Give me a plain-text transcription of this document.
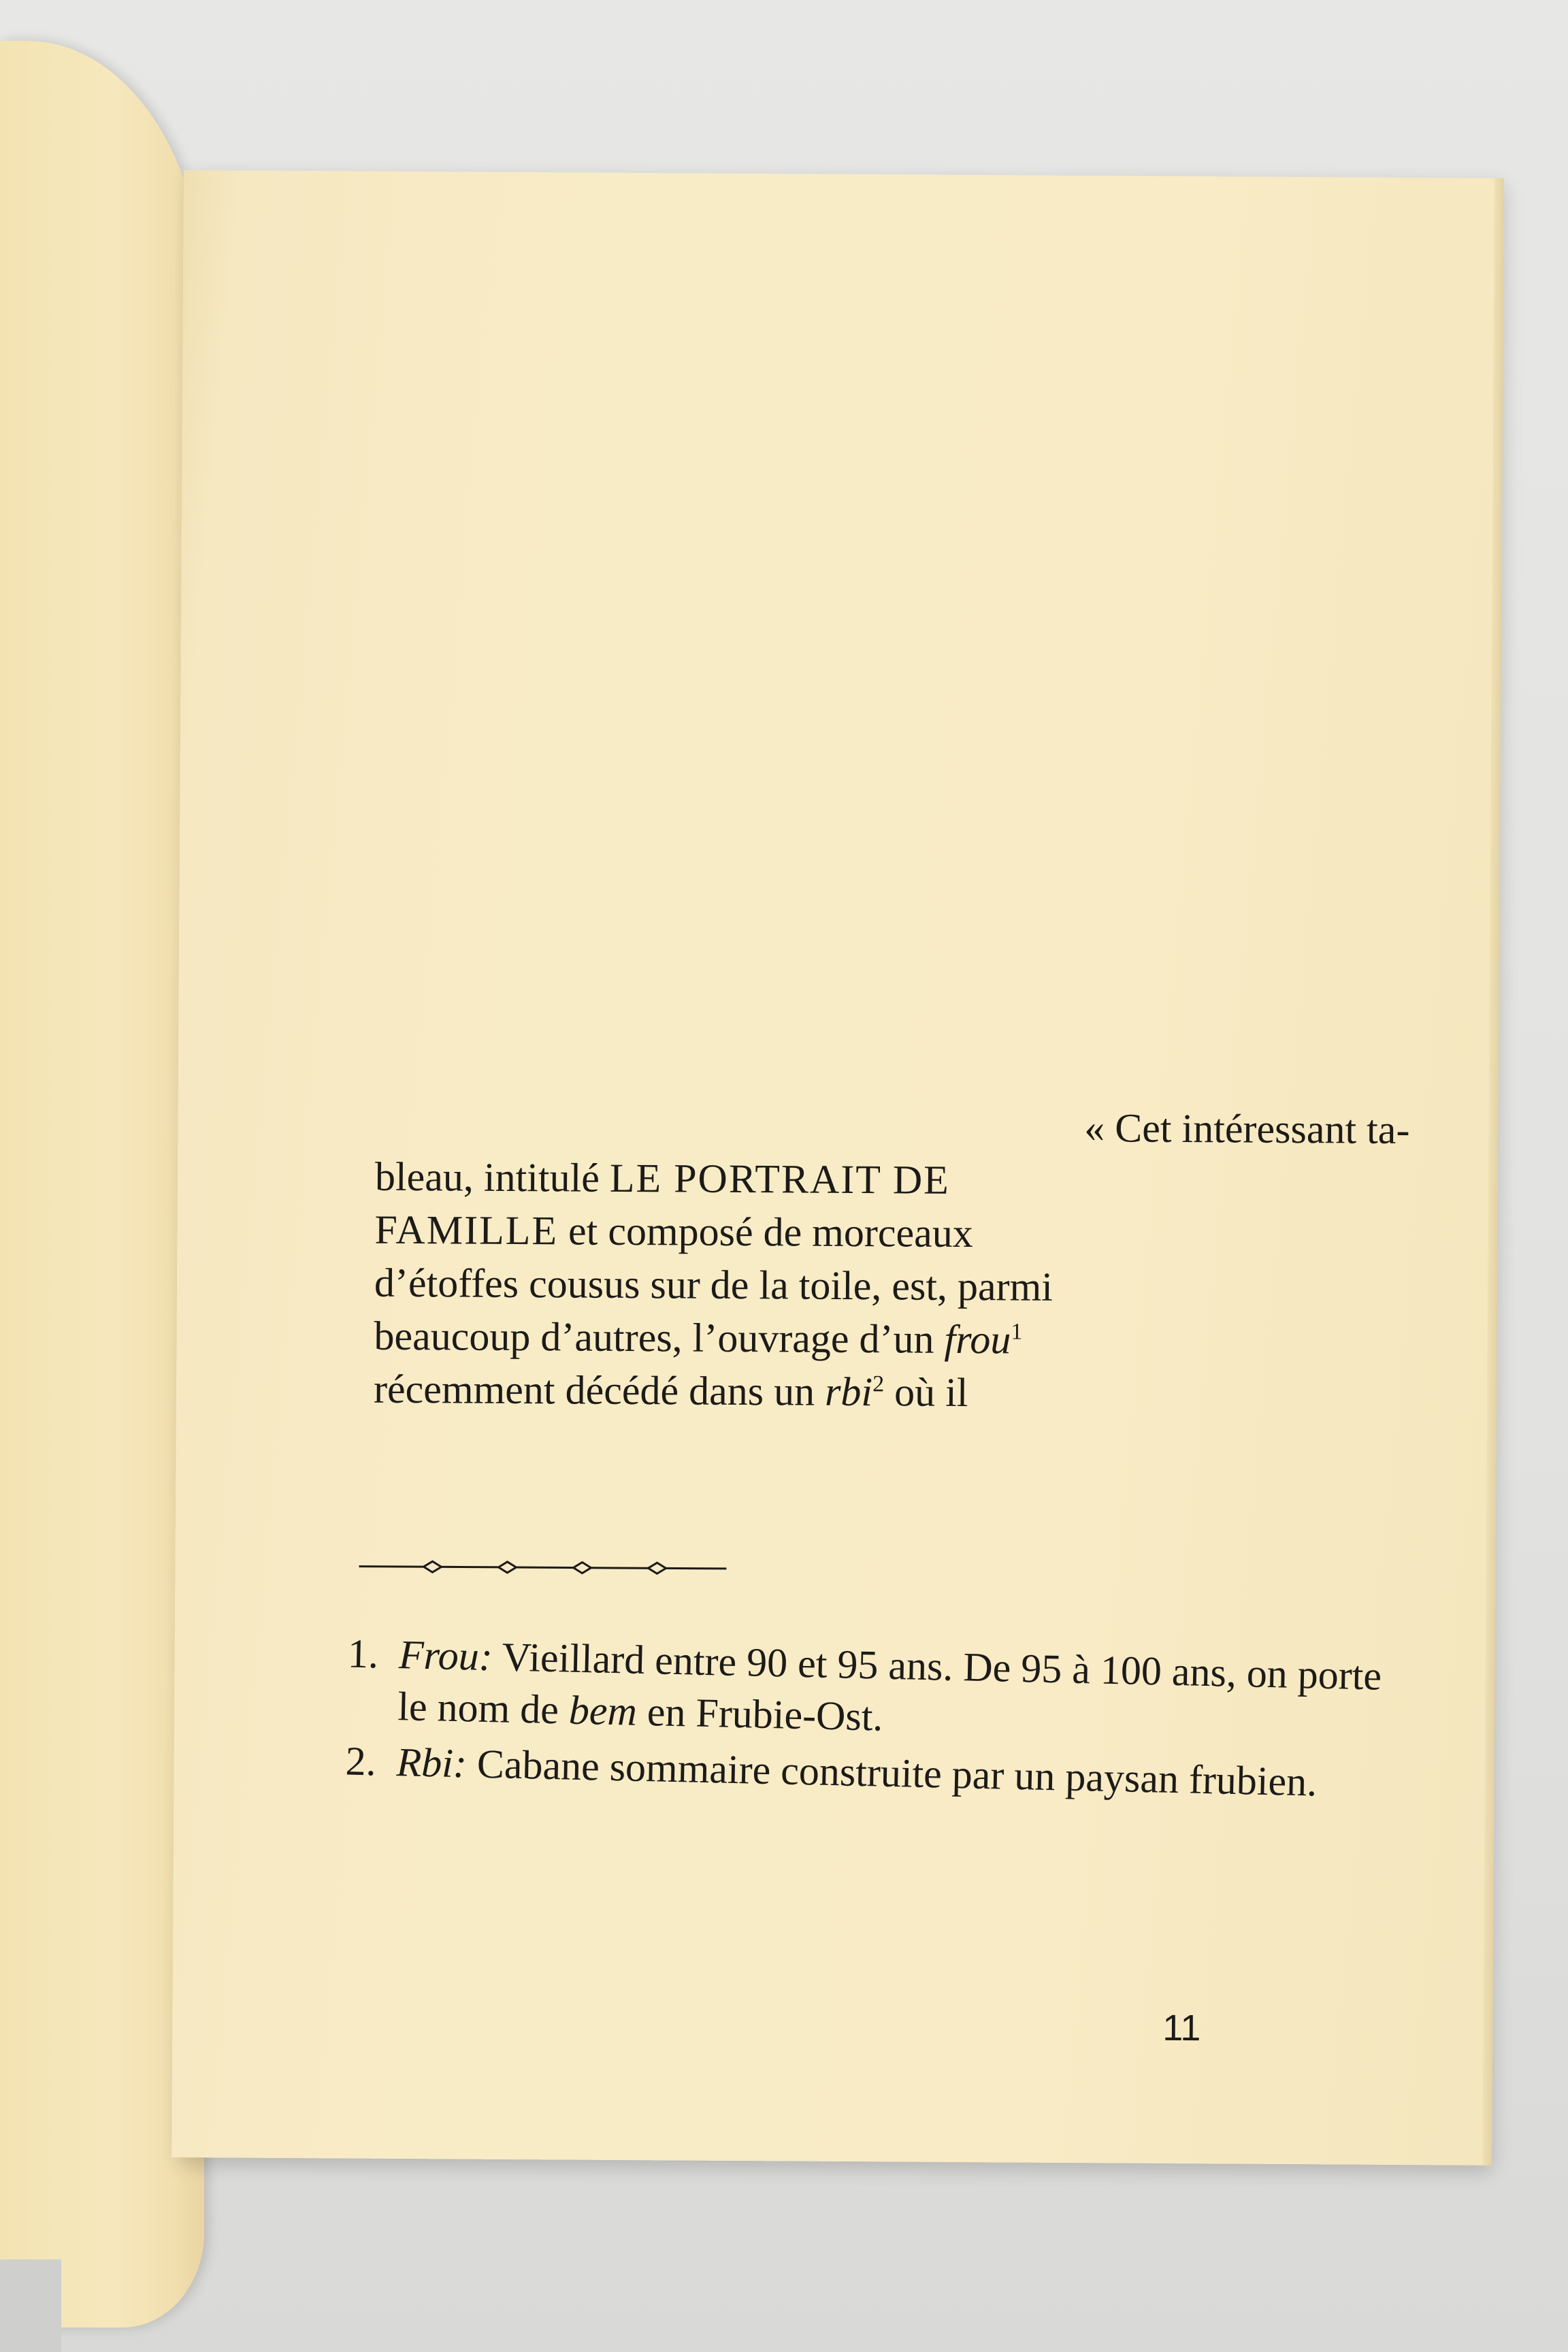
« Cet intéressant ta-
bleau, intitulé LE PORTRAIT DE
FAMILLE et composé de morceaux
d’étoffes cousus sur de la toile, est, parmi
beaucoup d’autres, l’ouvrage d’un frou$^1$
récemment décédé dans un rbi$^2$ où il
1. Frou: Vieillard entre 90 et 95 ans. De 95 à 100 ans, on porte le nom de bem en Frubie-Ost.
2. Rbi: Cabane sommaire construite par un paysan frubien.
11
